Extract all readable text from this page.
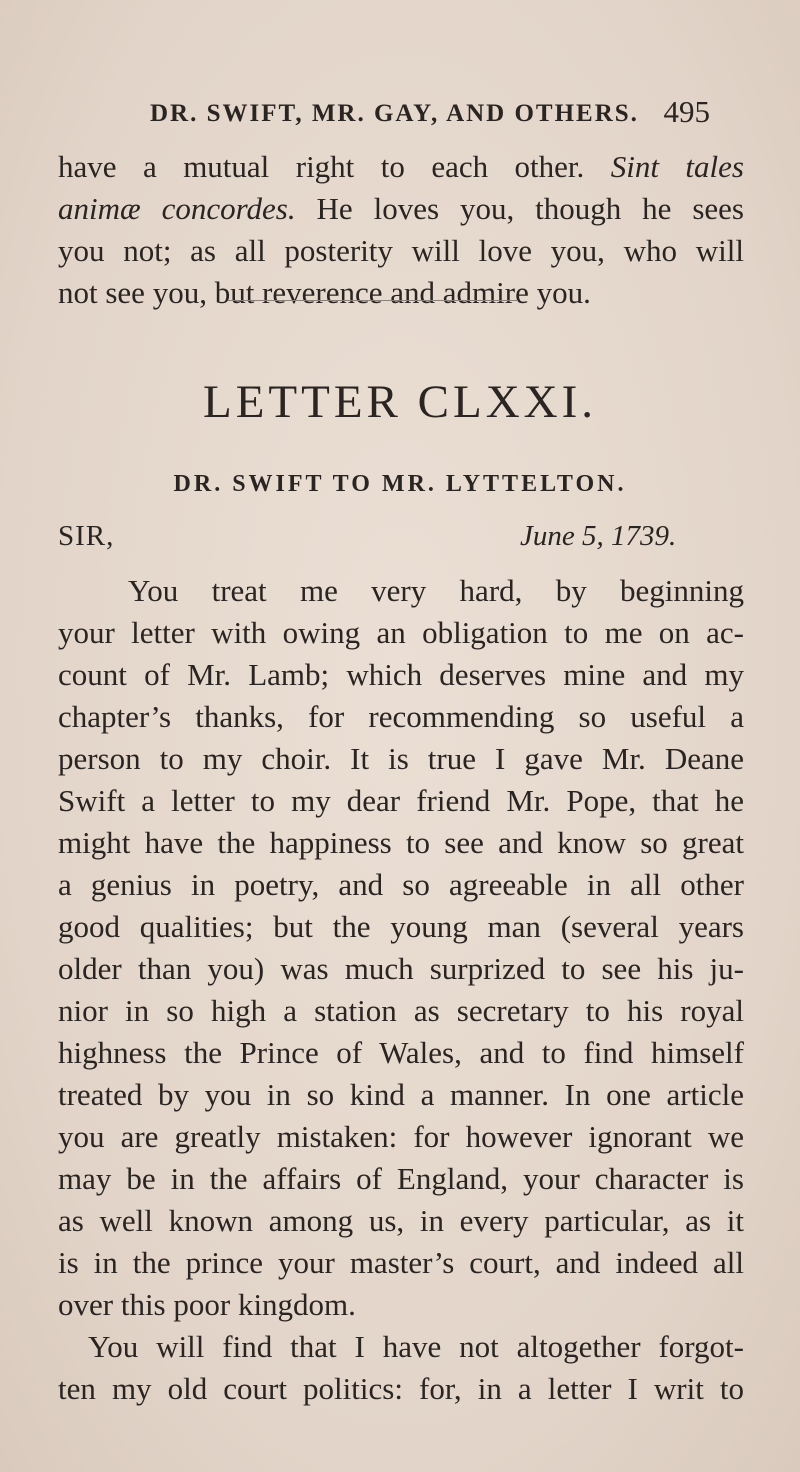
DR. SWIFT, MR. GAY, AND OTHERS. 495
have a mutual right to each other. Sint tales
animæ concordes. He loves you, though he sees
you not; as all posterity will love you, who will
not see you, but reverence and admire you.
LETTER CLXXI.
DR. SWIFT TO MR. LYTTELTON.
SIR,	June 5, 1739.
You treat me very hard, by beginning
your letter with owing an obligation to me on ac-
count of Mr. Lamb; which deserves mine and my
chapter’s thanks, for recommending so useful a
person to my choir. It is true I gave Mr. Deane
Swift a letter to my dear friend Mr. Pope, that he
might have the happiness to see and know so great
a genius in poetry, and so agreeable in all other
good qualities; but the young man (several years
older than you) was much surprized to see his ju-
nior in so high a station as secretary to his royal
highness the Prince of Wales, and to find himself
treated by you in so kind a manner. In one article
you are greatly mistaken: for however ignorant we
may be in the affairs of England, your character is
as well known among us, in every particular, as it
is in the prince your master’s court, and indeed all
over this poor kingdom.
You will find that I have not altogether forgot-
ten my old court politics: for, in a letter I writ to
